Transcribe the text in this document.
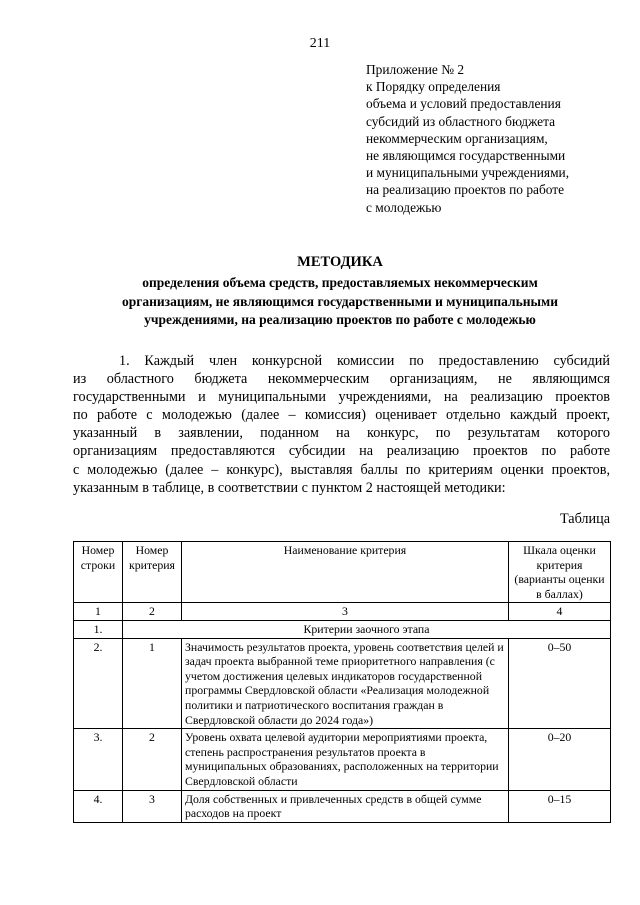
211
Приложение № 2
к Порядку определения
объема и условий предоставления
субсидий из областного бюджета
некоммерческим организациям,
не являющимся государственными
и муниципальными учреждениями,
на реализацию проектов по работе
с молодежью
МЕТОДИКА
определения объема средств, предоставляемых некоммерческим
организациям, не являющимся государственными и муниципальными
учреждениями, на реализацию проектов по работе с молодежью
1. Каждый член конкурсной комиссии по предоставлению субсидий
из областного бюджета некоммерческим организациям, не являющимся
государственными и муниципальными учреждениями, на реализацию проектов
по работе с молодежью (далее – комиссия) оценивает отдельно каждый проект,
указанный в заявлении, поданном на конкурс, по результатам которого
организациям предоставляются субсидии на реализацию проектов по работе
с молодежью (далее – конкурс), выставляя баллы по критериям оценки проектов,
указанным в таблице, в соответствии с пунктом 2 настоящей методики:
Таблица
Номер строки	Номер критерия	Наименование критерия	Шкала оценки критерия (варианты оценки в баллах)
1	2	3	4
1.	Критерии заочного этапа		
2.	1	Значимость результатов проекта, уровень соответствия целей и задач проекта выбранной теме приоритетного направления (с учетом достижения целевых индикаторов государственной программы Свердловской области «Реализация молодежной политики и патриотического воспитания граждан в Свердловской области до 2024 года»)	0–50
3.	2	Уровень охвата целевой аудитории мероприятиями проекта, степень распространения результатов проекта в муниципальных образованиях, расположенных на территории Свердловской области	0–20
4.	3	Доля собственных и привлеченных средств в общей сумме расходов на проект	0–15
